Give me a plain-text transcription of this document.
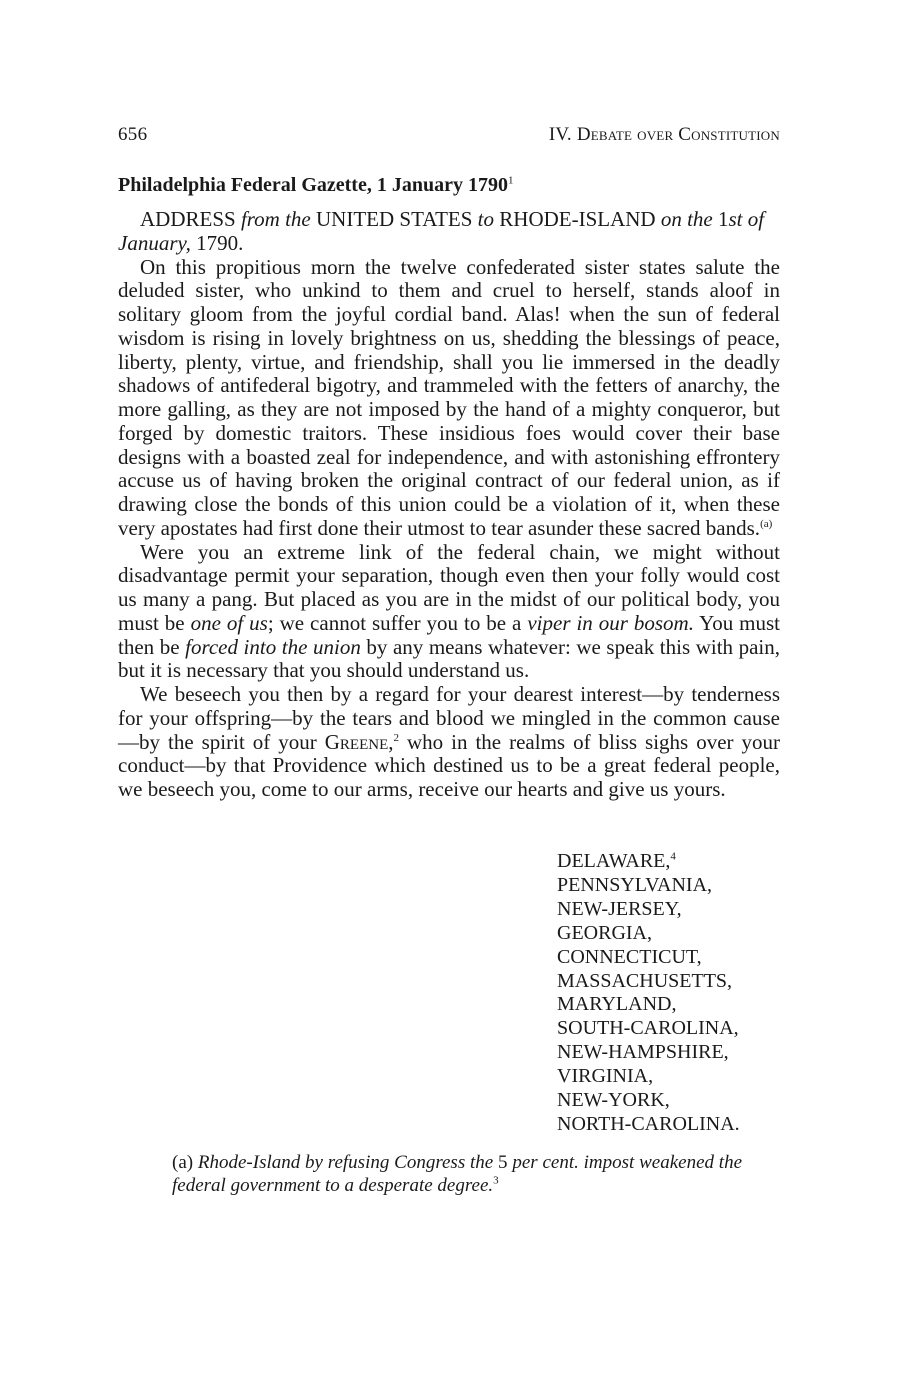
656	IV. Debate over Constitution
Philadelphia Federal Gazette, 1 January 1790$^1$

ADDRESS from the UNITED STATES to RHODE-ISLAND on the 1st of January, 1790.

On this propitious morn the twelve confederated sister states salute the deluded sister, who unkind to them and cruel to herself, stands aloof in solitary gloom from the joyful cordial band. Alas! when the sun of federal wisdom is rising in lovely brightness on us, shedding the blessings of peace, liberty, plenty, virtue, and friendship, shall you lie immersed in the deadly shadows of antifederal bigotry, and trammeled with the fetters of anarchy, the more galling, as they are not imposed by the hand of a mighty conqueror, but forged by domestic traitors. These insidious foes would cover their base designs with a boasted zeal for independence, and with astonishing effrontery accuse us of having broken the original contract of our federal union, as if drawing close the bonds of this union could be a violation of it, when these very apostates had first done their utmost to tear asunder these sacred bands.$^{(a)}$

Were you an extreme link of the federal chain, we might without disadvantage permit your separation, though even then your folly would cost us many a pang. But placed as you are in the midst of our political body, you must be one of us; we cannot suffer you to be a viper in our bosom. You must then be forced into the union by any means whatever: we speak this with pain, but it is necessary that you should understand us.

We beseech you then by a regard for your dearest interest—by tenderness for your offspring—by the tears and blood we mingled in the common cause—by the spirit of your Greene,$^2$ who in the realms of bliss sighs over your conduct—by that Providence which destined us to be a great federal people, we beseech you, come to our arms, receive our hearts and give us yours.

DELAWARE,$^4$
PENNSYLVANIA,
NEW-JERSEY,
GEORGIA,
CONNECTICUT,
MASSACHUSETTS,
MARYLAND,
SOUTH-CAROLINA,
NEW-HAMPSHIRE,
VIRGINIA,
NEW-YORK,
NORTH-CAROLINA.
(a) Rhode-Island by refusing Congress the 5 per cent. impost weakened the federal government to a desperate degree.$^3$
